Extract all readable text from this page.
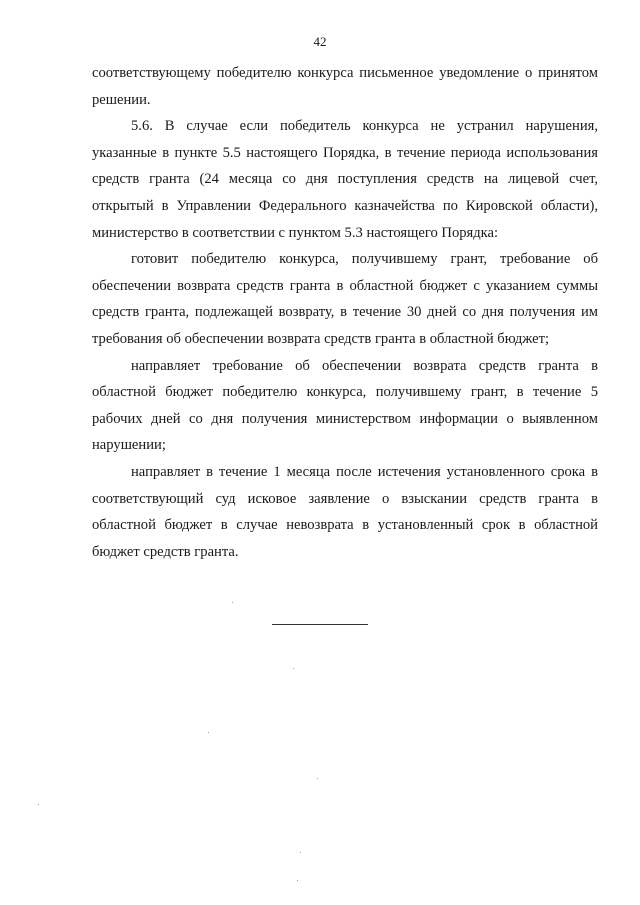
42

соответствующему победителю конкурса письменное уведомление о принятом решении.

5.6. В случае если победитель конкурса не устранил нарушения, указанные в пункте 5.5 настоящего Порядка, в течение периода использования средств гранта (24 месяца со дня поступления средств на лицевой счет, открытый в Управлении Федерального казначейства по Кировской области), министерство в соответствии с пунктом 5.3 настоящего Порядка:

готовит победителю конкурса, получившему грант, требование об обеспечении возврата средств гранта в областной бюджет с указанием суммы средств гранта, подлежащей возврату, в течение 30 дней со дня получения им требования об обеспечении возврата средств гранта в областной бюджет;

направляет требование об обеспечении возврата средств гранта в областной бюджет победителю конкурса, получившему грант, в течение 5 рабочих дней со дня получения министерством информации о выявленном нарушении;

направляет в течение 1 месяца после истечения установленного срока в соответствующий суд исковое заявление о взыскании средств гранта в областной бюджет в случае невозврата в установленный срок в областной бюджет средств гранта.
